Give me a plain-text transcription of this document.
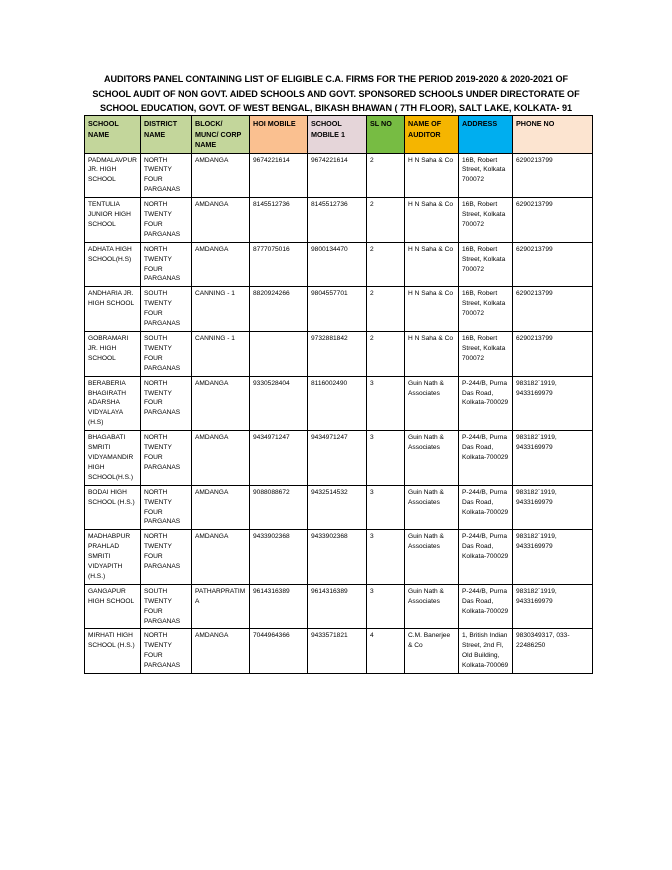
AUDITORS PANEL CONTAINING LIST OF ELIGIBLE C.A. FIRMS FOR THE PERIOD 2019-2020 & 2020-2021 OF
SCHOOL AUDIT OF NON GOVT. AIDED SCHOOLS AND GOVT. SPONSORED SCHOOLS UNDER DIRECTORATE OF
SCHOOL EDUCATION, GOVT. OF WEST BENGAL, BIKASH BHAWAN ( 7TH FLOOR), SALT LAKE, KOLKATA- 91
SCHOOL NAME	DISTRICT NAME	BLOCK/ MUNC/ CORP NAME	HOI MOBILE	SCHOOL MOBILE 1	SL NO	NAME OF AUDITOR	ADDRESS	PHONE NO
PADMALAVPUR JR. HIGH SCHOOL	NORTH TWENTY FOUR PARGANAS	AMDANGA	9674221614	9674221614	2	H N Saha & Co	16B, Robert Street, Kolkata 700072	6290213799
TENTULIA JUNIOR HIGH SCHOOL	NORTH TWENTY FOUR PARGANAS	AMDANGA	8145512736	8145512736	2	H N Saha & Co	16B, Robert Street, Kolkata 700072	6290213799
ADHATA HIGH SCHOOL(H.S)	NORTH TWENTY FOUR PARGANAS	AMDANGA	8777075016	9800134470	2	H N Saha & Co	16B, Robert Street, Kolkata 700072	6290213799
ANDHARIA JR. HIGH SCHOOL	SOUTH TWENTY FOUR PARGANAS	CANNING - 1	8820924266	9804557701	2	H N Saha & Co	16B, Robert Street, Kolkata 700072	6290213799
GOBRAMARI JR. HIGH SCHOOL	SOUTH TWENTY FOUR PARGANAS	CANNING - 1		9732881842	2	H N Saha & Co	16B, Robert Street, Kolkata 700072	6290213799
BERABERIA BHAGIRATH ADARSHA VIDYALAYA (H.S)	NORTH TWENTY FOUR PARGANAS	AMDANGA	9330528404	8116002490	3	Guin Nath & Associates	P-244/B, Purna Das Road, Kolkata-700029	983182`1919, 9433169979
BHAGABATI SMRITI VIDYAMANDIR HIGH SCHOOL(H.S.)	NORTH TWENTY FOUR PARGANAS	AMDANGA	9434971247	9434971247	3	Guin Nath & Associates	P-244/B, Purna Das Road, Kolkata-700029	983182`1919, 9433169979
BODAI HIGH SCHOOL (H.S.)	NORTH TWENTY FOUR PARGANAS	AMDANGA	9088088672	9432514532	3	Guin Nath & Associates	P-244/B, Purna Das Road, Kolkata-700029	983182`1919, 9433169979
MADHABPUR PRAHLAD SMRITI VIDYAPITH (H.S.)	NORTH TWENTY FOUR PARGANAS	AMDANGA	9433902368	9433902368	3	Guin Nath & Associates	P-244/B, Purna Das Road, Kolkata-700029	983182`1919, 9433169979
GANGAPUR HIGH SCHOOL	SOUTH TWENTY FOUR PARGANAS	PATHARPRATIMA	9614316389	9614316389	3	Guin Nath & Associates	P-244/B, Purna Das Road, Kolkata-700029	983182`1919, 9433169979
MIRHATI HIGH SCHOOL (H.S.)	NORTH TWENTY FOUR PARGANAS	AMDANGA	7044964366	9433571821	4	C.M. Banerjee & Co	1, British Indian Street, 2nd Fl, Old Building, Kolkata-700069	9830349317, 033-22486250
